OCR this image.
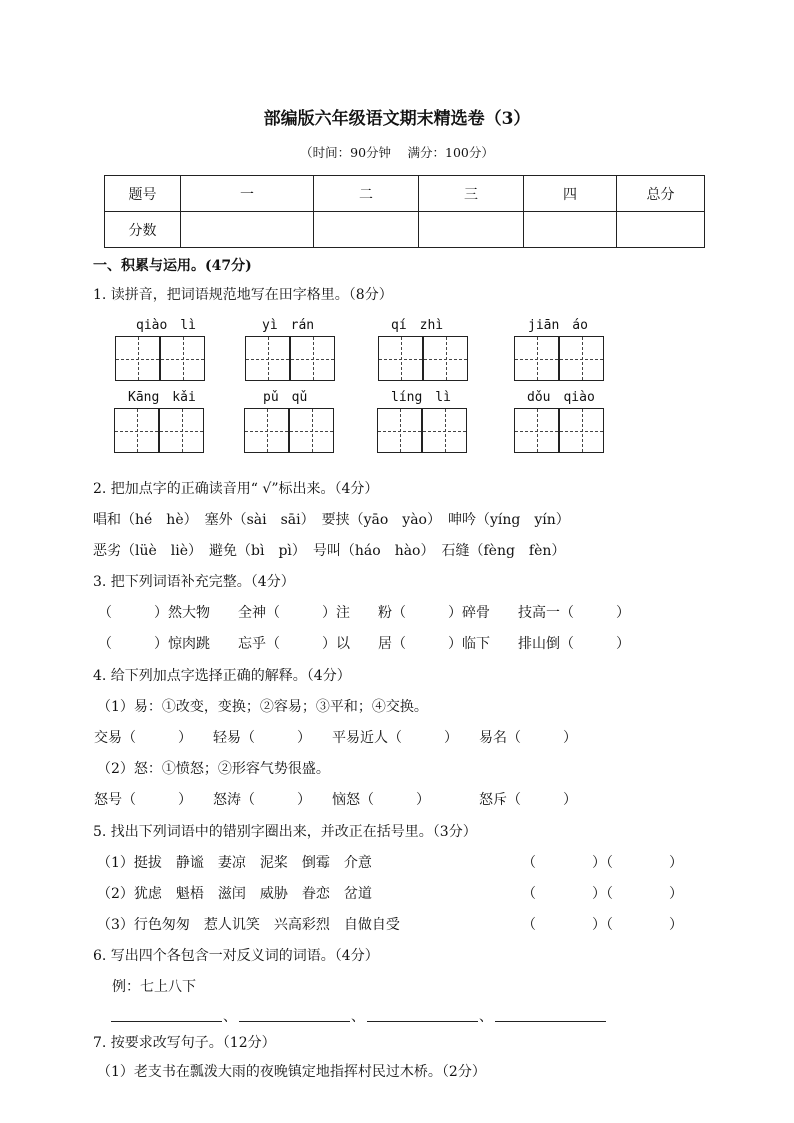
部编版六年级语文期末精选卷（3）
（时间：90分钟　 满分：100分）
题号	一	二	三	四	总分
分数					
一、积累与运用。(47分)
1. 读拼音，把词语规范地写在田字格里。（8分）
qiào　lì	yì　rán	qí　zhì	jiān　áo
Kāng　kǎi	pǔ　qǔ	líng　lì	dǒu　qiào
2. 把加点字的正确读音用“ √”标出来。（4分）
唱和（hé　hè）　塞外（sài　sāi）　要挟（yāo　yào）　呻吟（yíng　yín）
恶劣（lüè　liè）　避免（bì　pì）　号叫（háo　hào）　石缝（fèng　fèn）
3. 把下列词语补充完整。（4分）
（　　　）然大物　　全神（　　　）注　　粉（　　　）碎骨　　技高一（　　　）
（　　　）惊肉跳　　忘乎（　　　）以　　居（　　　）临下　　排山倒（　　　）
4. 给下列加点字选择正确的解释。（4分）
（1）易：①改变，变换；②容易；③平和；④交换。
交易（　　　）　　轻易（　　　）　　平易近人（　　　）　　易名（　　　）
（2）怒：①愤怒；②形容气势很盛。
怒号（　　　）　　怒涛（　　　）　　恼怒（　　　）　　　　怒斥（　　　）
5. 找出下列词语中的错别字圈出来，并改正在括号里。（3分）
（1）挺拔　静谧　妻凉　泥桨　倒霉　介意	（　　　　）（　　　　）
（2）犹虑　魁梧　滋闰　威胁　眷恋　岔道	（　　　　）（　　　　）
（3）行色匆匆　惹人讥笑　兴高彩烈　自做自受	（　　　　）（　　　　）
6. 写出四个各包含一对反义词的词语。（4分）
例：七上八下
、	、	、
7. 按要求改写句子。（12分）
（1）老支书在瓢泼大雨的夜晚镇定地指挥村民过木桥。（2分）
